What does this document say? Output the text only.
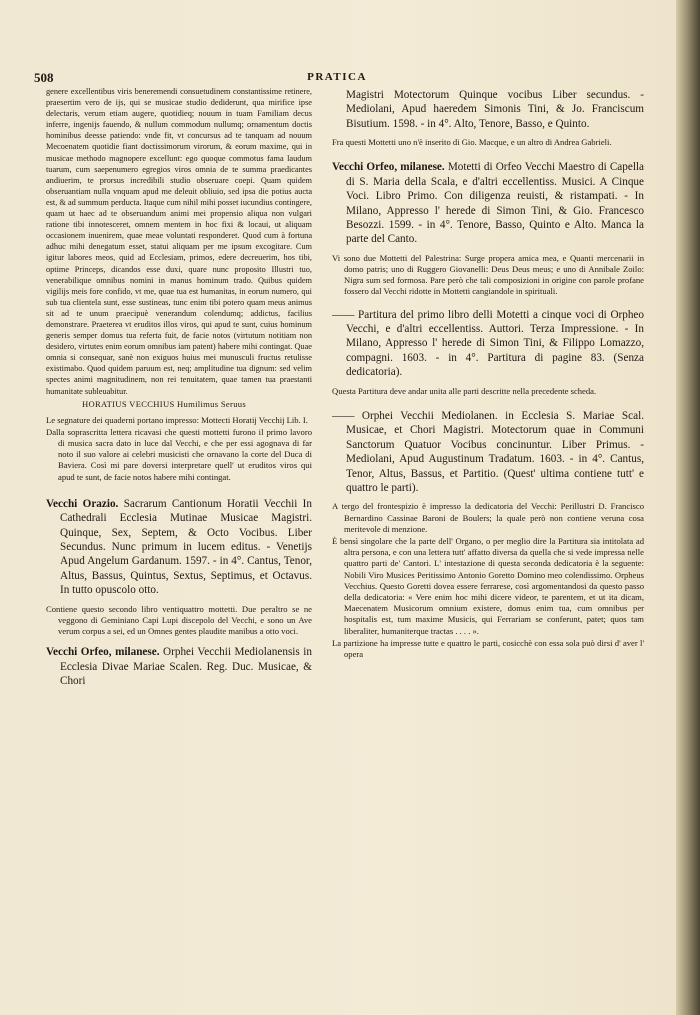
508	PRATICA

genere excellentibus viris beneremendi consuetudinem constantissime retinere, praesertim vero de ijs, qui se musicae studio dediderunt, qua mirifice ipse delectaris, verum etiam augere, quotidieq; nouum in tuam Familiam decus inferre, ingenijs fauendo, & nullum commodum nullumq; ornamentum doctis hominibus deesse patiendo: vnde fit, vt concursus ad te tanquam ad nouum Mecoenatem quotidie fiant doctissimorum virorum, & eorum maxime, qui in musicae methodo magnopere excellunt: ego quoque commotus fama laudum tuarum, cum saepenumero egregios viros omnia de te summa praedicantes andiuerim, te prorsus incredibili studio obseruare coepi. Quam quidem obseruantiam nulla vnquam apud me deleuit obliuio, sed ipsa die potius aucta est, & ad summum perducta. Itaque cum nihil mihi posset iucundius contingere, quam ut haec ad te obseruandum animi mei propensio aliqua non vulgari ratione tibi innotesceret, omnem mentem in hoc fixi & locaui, ut aliquam occasionem inuenirem, quae meae voluntati responderet. Quod cum à fortuna adhuc mihi denegatum esset, statui aliquam per me ipsum excogitare. Cum igitur labores meos, quid ad Ecclesiam, primos, edere decreuerim, hos tibi, optime Princeps, dicandos esse duxi, quare nunc proposito Illustri tuo, venerabilique omnibus nomini in manus hominum trado. Quibus quidem vigilijs meis fore confido, vt me, quae tua est humanitas, in eorum numero, qui sub tua clientela sunt, esse sustineas, tunc enim tibi potero quam meus animus sit ad te unum praecipuè venerandum colendumq; addictus, facilius demonstrare. Praeterea vt eruditos illos viros, qui apud te sunt, cuius hominum generis semper domus tua referta fuit, de facie notos (virtutum notitiam non desidero, virtutes enim eorum omnibus iam patent) habere mihi contingat. Quae omnia si consequar, sanè non exiguos huius mei munusculi fructus retulisse existimabo. Quod quidem paruum est, neq; amplitudine tua dignum: sed velim spectes animi magnitudinem, non rei tenuitatem, quae tamen tua praestanti humanitate subleuabitur.

HORATIUS VECCHIUS Humilimus Seruus

Le segnature dei quaderni portano impresso: Mottecti Horatij Vecchij Lib. I.

Dalla soprascritta lettera ricavasi che questi mottetti furono il primo lavoro di musica sacra dato in luce dal Vecchi, e che per essi agognava di far noto il suo valore ai celebri musicisti che ornavano la corte del Duca di Baviera. Così mi pare doversi interpretare quell' ut eruditos viros qui apud te sunt, de facie notos habere mihi contingat.

Vecchi Orazio. Sacrarum Cantionum Horatii Vecchii In Cathedrali Ecclesia Mutinae Musicae Magistri. Quinque, Sex, Septem, & Octo Vocibus. Liber Secundus. Nunc primum in lucem editus. - Venetijs Apud Angelum Gardanum. 1597. - in 4°. Cantus, Tenor, Altus, Bassus, Quintus, Sextus, Septimus, et Octavus. In tutto opuscolo otto.

Contiene questo secondo libro ventiquattro mottetti. Due peraltro se ne veggono di Geminiano Capi Lupi discepolo del Vecchi, e sono un Ave verum corpus a sei, ed un Omnes gentes plaudite manibus a otto voci.

Vecchi Orfeo, milanese. Orphei Vecchii Mediolanensis in Ecclesia Divae Mariae Scalen. Reg. Duc. Musicae, & Chori

Magistri Motectorum Quinque vocibus Liber secundus. - Mediolani, Apud haeredem Simonis Tini, & Jo. Franciscum Bisutium. 1598. - in 4°. Alto, Tenore, Basso, e Quinto.

Fra questi Mottetti uno n'è inserito di Gio. Macque, e un altro di Andrea Gabrieli.

Vecchi Orfeo, milanese. Motetti di Orfeo Vecchi Maestro di Capella di S. Maria della Scala, e d'altri eccellentiss. Musici. A Cinque Voci. Libro Primo. Con diligenza reuisti, & ristampati. - In Milano, Appresso l' herede di Simon Tini, & Gio. Francesco Besozzi. 1599. - in 4°. Tenore, Basso, Quinto e Alto. Manca la parte del Canto.

Vi sono due Mottetti del Palestrina: Surge propera amica mea, e Quanti mercenarii in domo patris; uno di Ruggero Giovanelli: Deus Deus meus; e uno di Annibale Zoilo: Nigra sum sed formosa. Pare però che tali composizioni in origine con parole profane fossero dal Vecchi ridotte in Mottetti cangiandole in spirituali.

—— Partitura del primo libro delli Motetti a cinque voci di Orpheo Vecchi, e d'altri eccellentiss. Auttori. Terza Impressione. - In Milano, Appresso l' herede di Simon Tini, & Filippo Lomazzo, compagni. 1603. - in 4°. Partitura di pagine 83. (Senza dedicatoria).

Questa Partitura deve andar unita alle parti descritte nella precedente scheda.

—— Orphei Vecchii Mediolanen. in Ecclesia S. Mariae Scal. Musicae, et Chori Magistri. Motectorum quae in Communi Sanctorum Quatuor Vocibus concinuntur. Liber Primus. - Mediolani, Apud Augustinum Tradatum. 1603. - in 4°. Cantus, Tenor, Altus, Bassus, et Partitio. (Quest' ultima contiene tutt' e quattro le parti).

A tergo del frontespizio è impresso la dedicatoria del Vecchi: Perillustri D. Francisco Bernardino Cassinae Baroni de Boulers; la quale però non contiene veruna cosa meritevole di menzione.

È bensì singolare che la parte dell' Organo, o per meglio dire la Partitura sia intitolata ad altra persona, e con una lettera tutt' affatto diversa da quella che si vede impressa nelle quattro parti de' Cantori. L' intestazione di questa seconda dedicatoria è la seguente: Nobili Viro Musices Peritissimo Antonio Goretto Domino meo colendissimo. Orpheus Vecchius. Questo Goretti dovea essere ferrarese, così argomentandosi da questo passo della dedicatoria: « Vere enim hoc mihi dicere videor, te parentem, et ut ita dicam, Maecenatem Musicorum omnium existere, domus enim tua, cum omnibus per hospitalis est, tum maxime Musicis, qui Ferrariam se conferunt, patet; quos tam liberaliter, humaniterque tractas . . . . ».

La partizione ha impresse tutte e quattro le parti, cosicchè con essa sola può dirsi d' aver l' opera
